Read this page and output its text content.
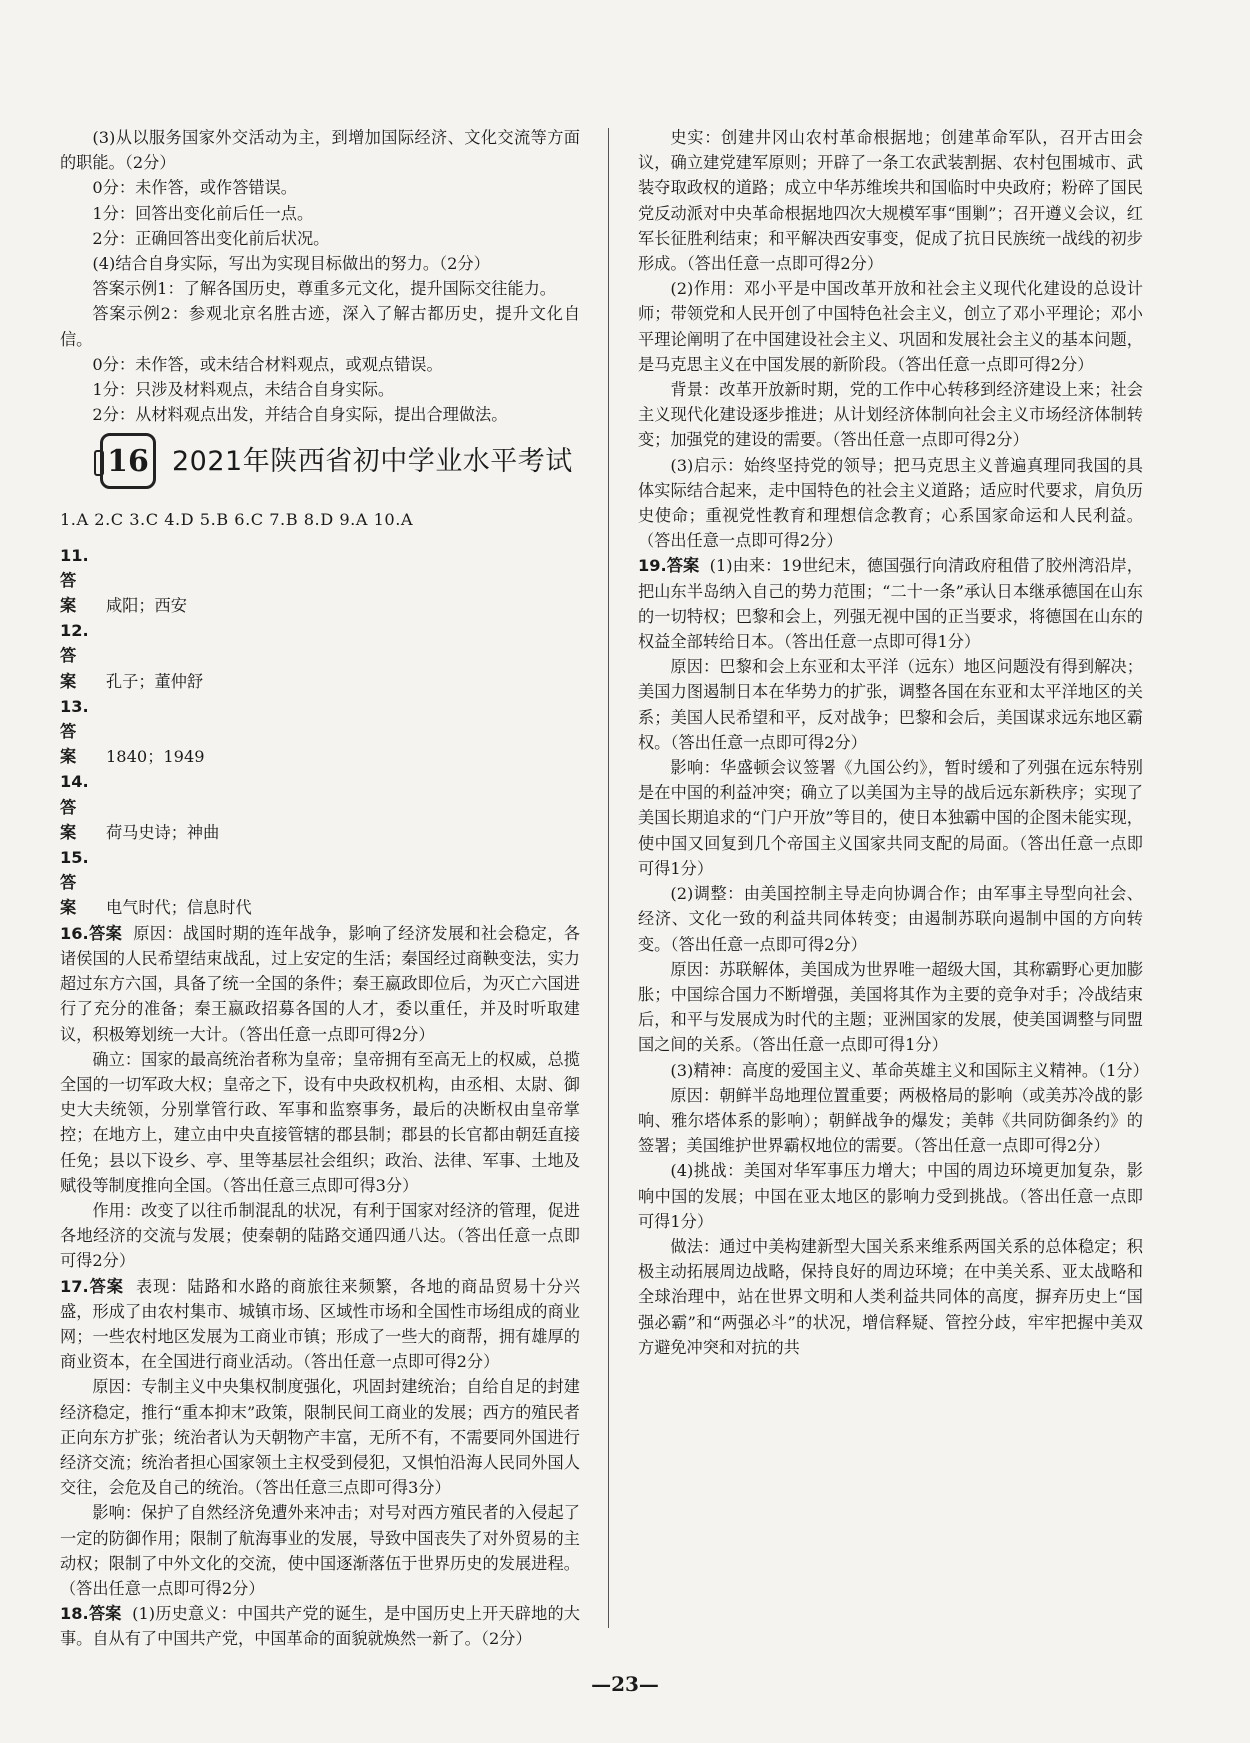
(3)从以服务国家外交活动为主，到增加国际经济、文化交流等方面的职能。（2分）

0分：未作答，或作答错误。

1分：回答出变化前后任一点。

2分：正确回答出变化前后状况。

(4)结合自身实际，写出为实现目标做出的努力。（2分）

答案示例1：了解各国历史，尊重多元文化，提升国际交往能力。

答案示例2：参观北京名胜古迹，深入了解古都历史，提升文化自信。

0分：未作答，或未结合材料观点，或观点错误。

1分：只涉及材料观点，未结合自身实际。

2分：从材料观点出发，并结合自身实际，提出合理做法。

16 2021年陕西省初中学业水平考试

1.A 2.C 3.C 4.D 5.B 6.C 7.B 8.D 9.A 10.A

11.答案 咸阳；西安

12.答案 孔子；董仲舒

13.答案 1840；1949

14.答案 荷马史诗；神曲

15.答案 电气时代；信息时代

16.答案 原因：战国时期的连年战争，影响了经济发展和社会稳定，各诸侯国的人民希望结束战乱，过上安定的生活；秦国经过商鞅变法，实力超过东方六国，具备了统一全国的条件；秦王嬴政即位后，为灭亡六国进行了充分的准备；秦王嬴政招募各国的人才，委以重任，并及时听取建议，积极筹划统一大计。（答出任意一点即可得2分）

确立：国家的最高统治者称为皇帝；皇帝拥有至高无上的权威，总揽全国的一切军政大权；皇帝之下，设有中央政权机构，由丞相、太尉、御史大夫统领，分别掌管行政、军事和监察事务，最后的决断权由皇帝掌控；在地方上，建立由中央直接管辖的郡县制；郡县的长官都由朝廷直接任免；县以下设乡、亭、里等基层社会组织；政治、法律、军事、土地及赋役等制度推向全国。（答出任意三点即可得3分）

作用：改变了以往币制混乱的状况，有利于国家对经济的管理，促进各地经济的交流与发展；使秦朝的陆路交通四通八达。（答出任意一点即可得2分）

17.答案 表现：陆路和水路的商旅往来频繁，各地的商品贸易十分兴盛，形成了由农村集市、城镇市场、区域性市场和全国性市场组成的商业网；一些农村地区发展为工商业市镇；形成了一些大的商帮，拥有雄厚的商业资本，在全国进行商业活动。（答出任意一点即可得2分）

原因：专制主义中央集权制度强化，巩固封建统治；自给自足的封建经济稳定，推行“重本抑末”政策，限制民间工商业的发展；西方的殖民者正向东方扩张；统治者认为天朝物产丰富，无所不有，不需要同外国进行经济交流；统治者担心国家领土主权受到侵犯，又惧怕沿海人民同外国人交往，会危及自己的统治。（答出任意三点即可得3分）

影响：保护了自然经济免遭外来冲击；对号对西方殖民者的入侵起了一定的防御作用；限制了航海事业的发展，导致中国丧失了对外贸易的主动权；限制了中外文化的交流，使中国逐渐落伍于世界历史的发展进程。（答出任意一点即可得2分）

18.答案 (1)历史意义：中国共产党的诞生，是中国历史上开天辟地的大事。自从有了中国共产党，中国革命的面貌就焕然一新了。（2分）

史实：创建井冈山农村革命根据地；创建革命军队，召开古田会议，确立建党建军原则；开辟了一条工农武装割据、农村包围城市、武装夺取政权的道路；成立中华苏维埃共和国临时中央政府；粉碎了国民党反动派对中央革命根据地四次大规模军事“围剿”；召开遵义会议，红军长征胜利结束；和平解决西安事变，促成了抗日民族统一战线的初步形成。（答出任意一点即可得2分）

(2)作用：邓小平是中国改革开放和社会主义现代化建设的总设计师；带领党和人民开创了中国特色社会主义，创立了邓小平理论；邓小平理论阐明了在中国建设社会主义、巩固和发展社会主义的基本问题，是马克思主义在中国发展的新阶段。（答出任意一点即可得2分）

背景：改革开放新时期，党的工作中心转移到经济建设上来；社会主义现代化建设逐步推进；从计划经济体制向社会主义市场经济体制转变；加强党的建设的需要。（答出任意一点即可得2分）

(3)启示：始终坚持党的领导；把马克思主义普遍真理同我国的具体实际结合起来，走中国特色的社会主义道路；适应时代要求，肩负历史使命；重视党性教育和理想信念教育；心系国家命运和人民利益。（答出任意一点即可得2分）

19.答案 (1)由来：19世纪末，德国强行向清政府租借了胶州湾沿岸，把山东半岛纳入自己的势力范围；“二十一条”承认日本继承德国在山东的一切特权；巴黎和会上，列强无视中国的正当要求，将德国在山东的权益全部转给日本。（答出任意一点即可得1分）

原因：巴黎和会上东亚和太平洋（远东）地区问题没有得到解决；美国力图遏制日本在华势力的扩张，调整各国在东亚和太平洋地区的关系；美国人民希望和平，反对战争；巴黎和会后，美国谋求远东地区霸权。（答出任意一点即可得2分）

影响：华盛顿会议签署《九国公约》，暂时缓和了列强在远东特别是在中国的利益冲突；确立了以美国为主导的战后远东新秩序；实现了美国长期追求的“门户开放”等目的，使日本独霸中国的企图未能实现，使中国又回复到几个帝国主义国家共同支配的局面。（答出任意一点即可得1分）

(2)调整：由美国控制主导走向协调合作；由军事主导型向社会、经济、文化一致的利益共同体转变；由遏制苏联向遏制中国的方向转变。（答出任意一点即可得2分）

原因：苏联解体，美国成为世界唯一超级大国，其称霸野心更加膨胀；中国综合国力不断增强，美国将其作为主要的竞争对手；冷战结束后，和平与发展成为时代的主题；亚洲国家的发展，使美国调整与同盟国之间的关系。（答出任意一点即可得1分）

(3)精神：高度的爱国主义、革命英雄主义和国际主义精神。（1分）

原因：朝鲜半岛地理位置重要；两极格局的影响（或美苏冷战的影响、雅尔塔体系的影响）；朝鲜战争的爆发；美韩《共同防御条约》的签署；美国维护世界霸权地位的需要。（答出任意一点即可得2分）

(4)挑战：美国对华军事压力增大；中国的周边环境更加复杂，影响中国的发展；中国在亚太地区的影响力受到挑战。（答出任意一点即可得1分）

做法：通过中美构建新型大国关系来维系两国关系的总体稳定；积极主动拓展周边战略，保持良好的周边环境；在中美关系、亚太战略和全球治理中，站在世界文明和人类利益共同体的高度，摒弃历史上“国强必霸”和“两强必斗”的状况，增信释疑、管控分歧，牢牢把握中美双方避免冲突和对抗的共

—23—
